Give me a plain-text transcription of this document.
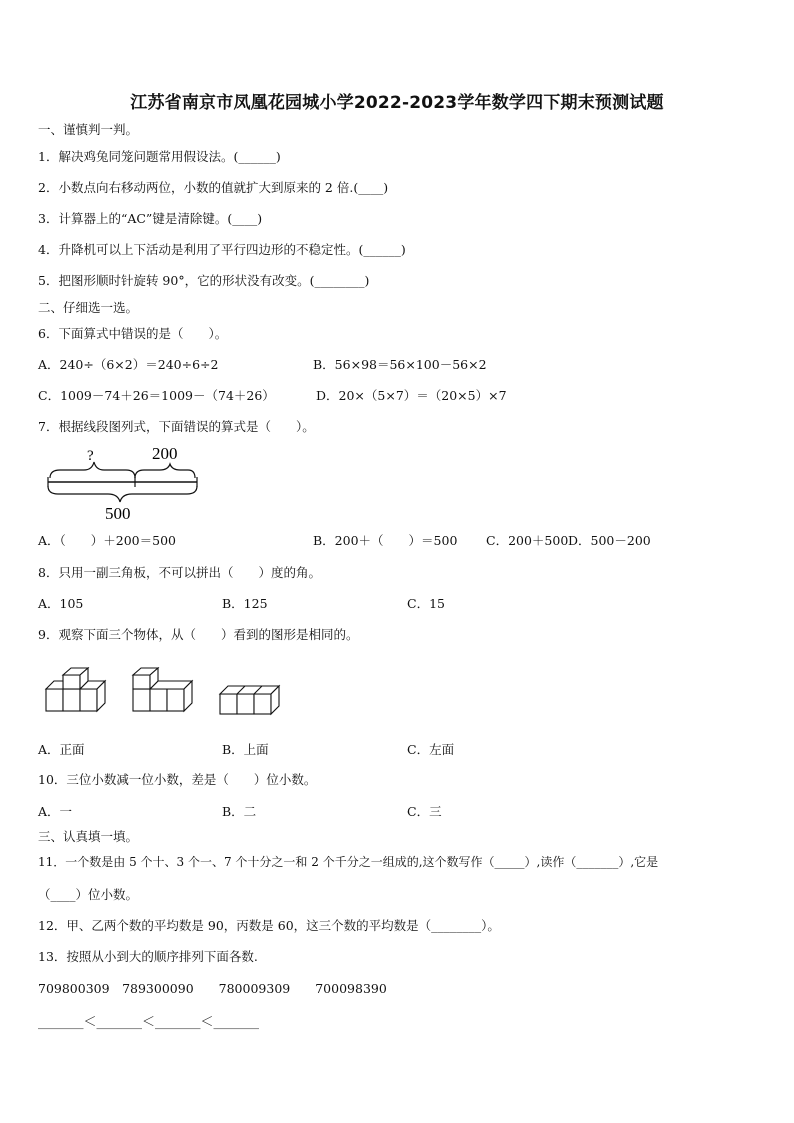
江苏省南京市凤凰花园城小学2022-2023学年数学四下期末预测试题
一、谨慎判一判。
1．解决鸡兔同笼问题常用假设法。(______)
2．小数点向右移动两位，小数的值就扩大到原来的 2 倍.(____)
3．计算器上的“AC”键是清除键。(____)
4．升降机可以上下活动是利用了平行四边形的不稳定性。(______)
5．把图形顺时针旋转 90°，它的形状没有改变。(________)
二、仔细选一选。
6．下面算式中错误的是（　　）。
A．240÷（6×2）＝240÷6÷2	B．56×98＝56×100－56×2
C．1009－74＋26＝1009－（74＋26）	D．20×（5×7）＝（20×5）×7
7．根据线段图列式，下面错误的算式是（　　）。
?	200
500
A．（　　）＋200＝500	B．200＋（　　）＝500 C．200＋500 D．500－200
8．只用一副三角板，不可以拼出（　　）度的角。
A．105	B．125	C．15
9．观察下面三个物体，从（　　）看到的图形是相同的。
A．正面	B．上面	C．左面
10．三位小数减一位小数，差是（　　）位小数。
A．一	B．二	C．三
三、认真填一填。
11．一个数是由 5 个十、3 个一、7 个十分之一和 2 个千分之一组成的,这个数写作（_____）,读作（_______）,它是
（____）位小数。
12．甲、乙两个数的平均数是 90，丙数是 60，这三个数的平均数是（________）。
13．按照从小到大的顺序排列下面各数.
709800309　789300090　　780009309　　700098390
_______＜_______＜_______＜_______
